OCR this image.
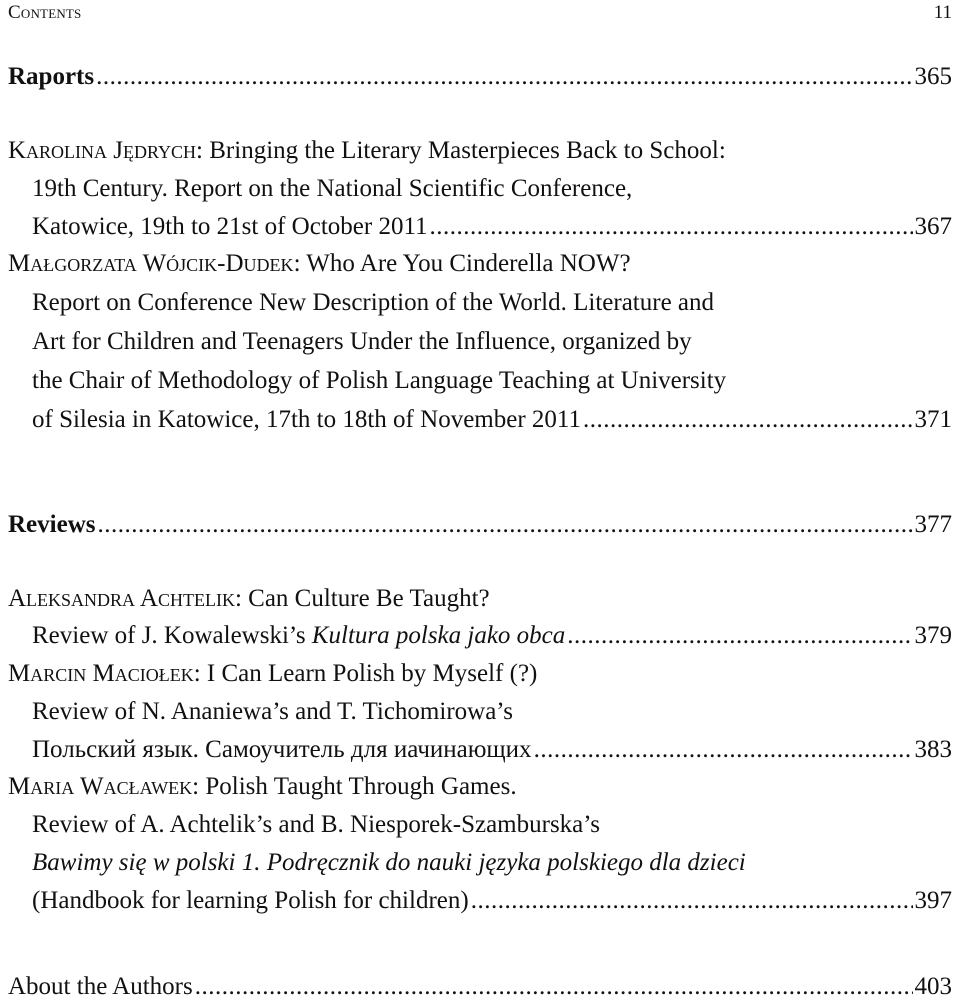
Contents	11
Raports .....	365
Karolina Jędrych: Bringing the Literary Masterpieces Back to School:
19th Century. Report on the National Scientific Conference,
Katowice, 19th to 21st of October 2011 .....	367
Małgorzata Wójcik-Dudek: Who Are You Cinderella NOW?
Report on Conference New Description of the World. Literature and
Art for Children and Teenagers Under the Influence, organized by
the Chair of Methodology of Polish Language Teaching at University
of Silesia in Katowice, 17th to 18th of November 2011 .....	371
Reviews .....	377
Aleksandra Achtelik: Can Culture Be Taught?
Review of J. Kowalewski’s Kultura polska jako obca .....	379
Marcin Maciołek: I Can Learn Polish by Myself (?)
Review of N. Ananiewa’s and T. Tichomirowa’s
Польский язык. Самоучитель для иачинающих .....	383
Maria Wacławek: Polish Taught Through Games.
Review of A. Achtelik’s and B. Niesporek-Szamburska’s
Bawimy się w polski 1. Podręcznik do nauki języka polskiego dla dzieci
(Handbook for learning Polish for children) .....	397
About the Authors .....	403
